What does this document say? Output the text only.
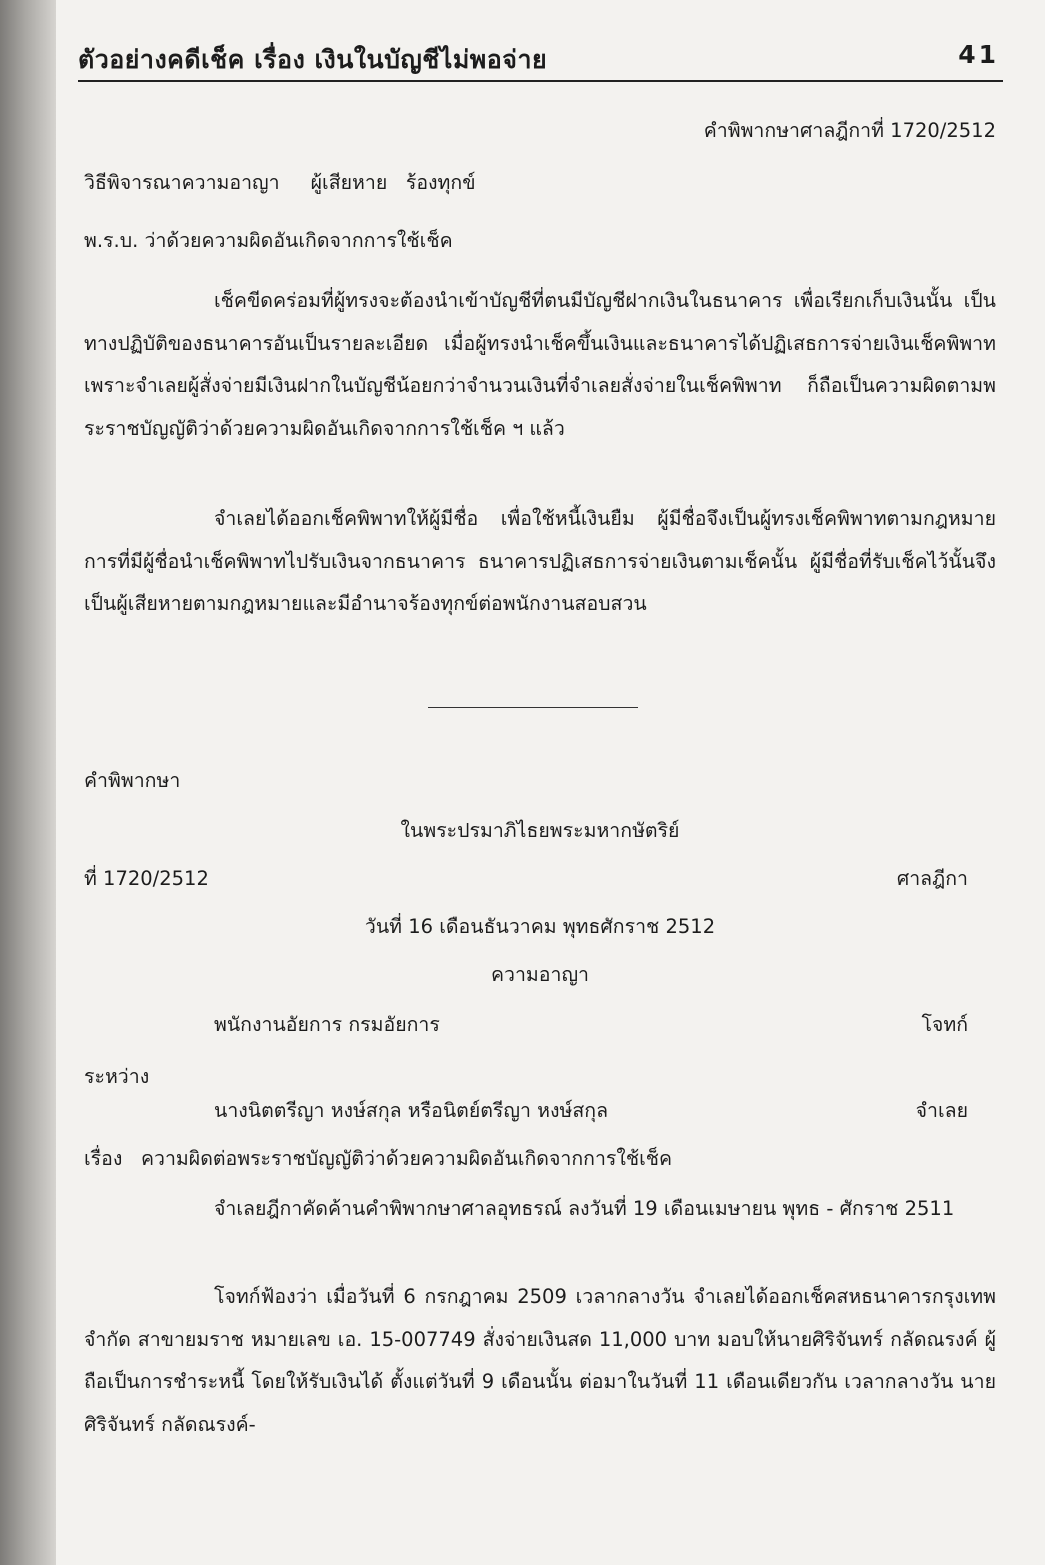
ตัวอย่างคดีเช็ค เรื่อง เงินในบัญชีไม่พอจ่าย	41
คำพิพากษาศาลฎีกาที่ 1720/2512
วิธีพิจารณาความอาญา     ผู้เสียหาย   ร้องทุกข์
พ.ร.บ. ว่าด้วยความผิดอันเกิดจากการใช้เช็ค
เช็คขีดคร่อมที่ผู้ทรงจะต้องนำเข้าบัญชีที่ตนมีบัญชีฝากเงินในธนาคาร เพื่อเรียกเก็บเงินนั้น เป็นทางปฏิบัติของธนาคารอันเป็นรายละเอียด เมื่อผู้ทรงนำเช็คขึ้นเงินและธนาคารได้ปฏิเสธการจ่ายเงินเช็คพิพาท เพราะจำเลยผู้สั่งจ่ายมีเงินฝากในบัญชีน้อยกว่าจำนวนเงินที่จำเลยสั่งจ่ายในเช็คพิพาท ก็ถือเป็นความผิดตามพระราชบัญญัติว่าด้วยความผิดอันเกิดจากการใช้เช็ค ฯ แล้ว
จำเลยได้ออกเช็คพิพาทให้ผู้มีชื่อ เพื่อใช้หนี้เงินยืม ผู้มีชื่อจึงเป็นผู้ทรงเช็คพิพาทตามกฎหมาย การที่มีผู้ชื่อนำเช็คพิพาทไปรับเงินจากธนาคาร ธนาคารปฏิเสธการจ่ายเงินตามเช็คนั้น ผู้มีชื่อที่รับเช็คไว้นั้นจึงเป็นผู้เสียหายตามกฎหมายและมีอำนาจร้องทุกข์ต่อพนักงานสอบสวน
คำพิพากษา
ในพระปรมาภิไธยพระมหากษัตริย์
ที่ 1720/2512	ศาลฎีกา
วันที่ 16 เดือนธันวาคม พุทธศักราช 2512
ความอาญา
พนักงานอัยการ กรมอัยการ	โจทก์
ระหว่าง
นางนิตตรีญา หงษ์สกุล หรือนิตย์ตรีญา หงษ์สกุล	จำเลย
เรื่อง   ความผิดต่อพระราชบัญญัติว่าด้วยความผิดอันเกิดจากการใช้เช็ค
จำเลยฎีกาคัดค้านคำพิพากษาศาลอุทธรณ์ ลงวันที่ 19 เดือนเมษายน พุทธ - ศักราช 2511
โจทก์ฟ้องว่า เมื่อวันที่ 6 กรกฎาคม 2509 เวลากลางวัน จำเลยได้ออกเช็คสหธนาคารกรุงเทพ จำกัด สาขายมราช หมายเลข เอ. 15-007749 สั่งจ่ายเงินสด 11,000 บาท มอบให้นายศิริจันทร์ กลัดณรงค์ ผู้ถือเป็นการชำระหนี้ โดยให้รับเงินได้ ตั้งแต่วันที่ 9 เดือนนั้น ต่อมาในวันที่ 11 เดือนเดียวกัน เวลากลางวัน นายศิริจันทร์ กลัดณรงค์-
